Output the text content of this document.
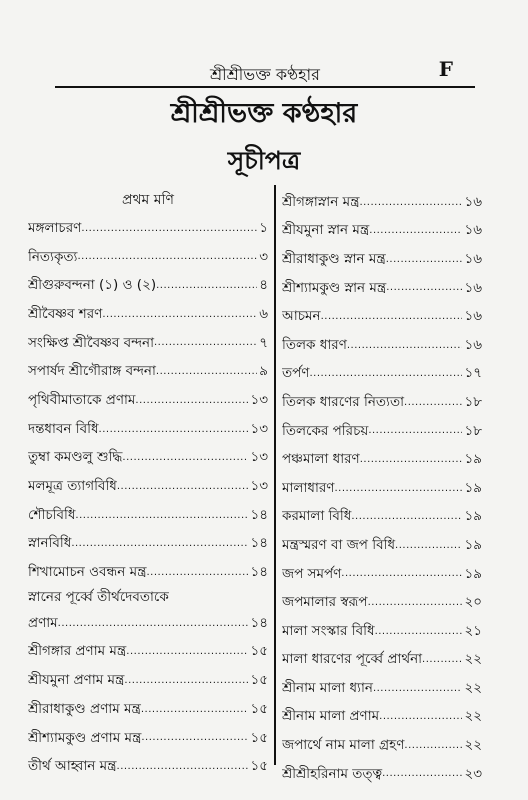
শ্রীশ্রীভক্ত কণ্ঠহার	F
শ্রীশ্রীভক্ত কণ্ঠহার
সূচীপত্র
প্রথম মণি
মঙ্গলাচরণ .....	১
নিত্যকৃত্য .....	৩
শ্রীগুরুবন্দনা (১) ও (২) .....	৪
শ্রীবৈষ্ণব শরণ .....	৬
সংক্ষিপ্ত শ্রীবৈষ্ণব বন্দনা .....	৭
সপার্ষদ শ্রীগৌরাঙ্গ বন্দনা .....	৯
পৃথিবীমাতাকে প্রণাম .....	১৩
দন্তধাবন বিধি .....	১৩
তুম্বা কমণ্ডলু শুদ্ধি .....	১৩
মলমূত্র ত্যাগবিধি .....	১৩
শৌচবিধি .....	১৪
স্নানবিধি .....	১৪
শিখামোচন ওবন্ধন মন্ত্র .....	১৪
স্নানের পূর্ব্বে তীর্থদেবতাকে
প্রণাম .....	১৪
শ্রীগঙ্গার প্রণাম মন্ত্র .....	১৫
শ্রীযমুনা প্রণাম মন্ত্র .....	১৫
শ্রীরাধাকুণ্ড প্রণাম মন্ত্র .....	১৫
শ্রীশ্যামকুণ্ড প্রণাম মন্ত্র .....	১৫
তীর্থ আহ্বান মন্ত্র .....	১৫
শ্রীগঙ্গাস্নান মন্ত্র .....	১৬
শ্রীযমুনা স্নান মন্ত্র .....	১৬
শ্রীরাধাকুণ্ড স্নান মন্ত্র .....	১৬
শ্রীশ্যামকুণ্ড স্নান মন্ত্র .....	১৬
আচমন .....	১৬
তিলক ধারণ .....	১৬
তর্পণ .....	১৭
তিলক ধারণের নিত্যতা .....	১৮
তিলকের পরিচয় .....	১৮
পঞ্চমালা ধারণ .....	১৯
মালাধারণ .....	১৯
করমালা বিধি .....	১৯
মন্ত্রস্মরণ বা জপ বিধি .....	১৯
জপ সমর্পণ .....	১৯
জপমালার স্বরূপ .....	২০
মালা সংস্কার বিধি .....	২১
মালা ধারণের পূর্ব্বে প্রার্থনা .....	২২
শ্রীনাম মালা ধ্যান .....	২২
শ্রীনাম মালা প্রণাম .....	২২
জপার্থে নাম মালা গ্রহণ .....	২২
শ্রীশ্রীহরিনাম তত্ত্ব .....	২৩
